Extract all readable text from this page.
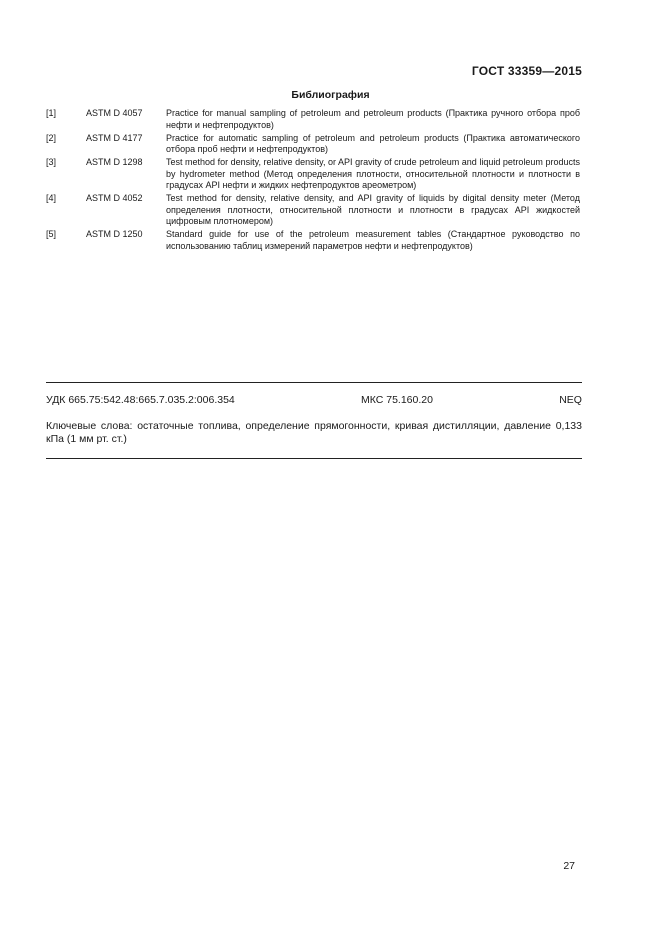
ГОСТ 33359—2015
Библиография
[1]	ASTM D 4057	Practice for manual sampling of petroleum and petroleum products (Практика ручного отбора проб нефти и нефтепродуктов)
[2]	ASTM D 4177	Practice for automatic sampling of petroleum and petroleum products (Практика автоматического отбора проб нефти и нефтепродуктов)
[3]	ASTM D 1298	Test method for density, relative density, or API gravity of crude petroleum and liquid petroleum products by hydrometer method (Метод определения плотности, относительной плотности и плотности в градусах API нефти и жидких нефтепродуктов ареометром)
[4]	ASTM D 4052	Test method for density, relative density, and API gravity of liquids by digital density meter (Метод определения плотности, относительной плотности и плотности в градусах API жидкостей цифровым плотномером)
[5]	ASTM D 1250	Standard guide for use of the petroleum measurement tables (Стандартное руководство по использованию таблиц измерений параметров нефти и нефтепродуктов)
УДК 665.75:542.48:665.7.035.2:006.354	МКС 75.160.20	NEQ
Ключевые слова: остаточные топлива, определение прямогонности, кривая дистилляции, давление 0,133 кПа (1 мм рт. ст.)
27
